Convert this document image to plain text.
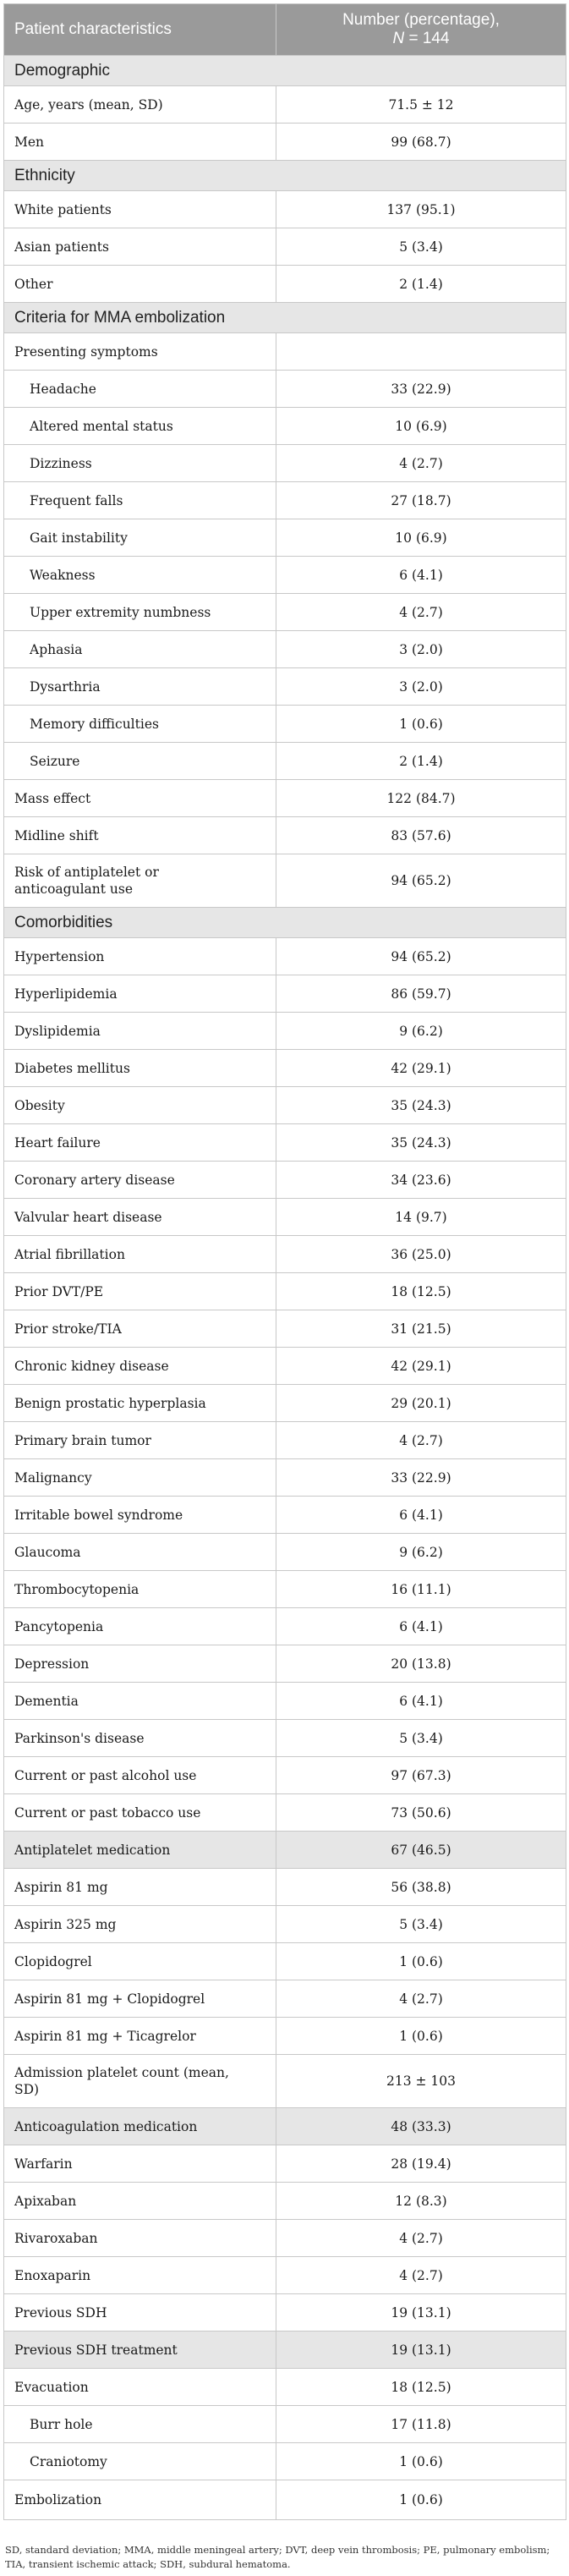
Patient characteristics	Number (percentage),
N = 144
Demographic	
Age, years (mean, SD)	71.5 ± 12
Men	99 (68.7)
Ethnicity	
White patients	137 (95.1)
Asian patients	5 (3.4)
Other	2 (1.4)
Criteria for MMA embolization	
Presenting symptoms	
Headache	33 (22.9)
Altered mental status	10 (6.9)
Dizziness	4 (2.7)
Frequent falls	27 (18.7)
Gait instability	10 (6.9)
Weakness	6 (4.1)
Upper extremity numbness	4 (2.7)
Aphasia	3 (2.0)
Dysarthria	3 (2.0)
Memory difficulties	1 (0.6)
Seizure	2 (1.4)
Mass effect	122 (84.7)
Midline shift	83 (57.6)
Risk of antiplatelet or
anticoagulant use	94 (65.2)
Comorbidities	
Hypertension	94 (65.2)
Hyperlipidemia	86 (59.7)
Dyslipidemia	9 (6.2)
Diabetes mellitus	42 (29.1)
Obesity	35 (24.3)
Heart failure	35 (24.3)
Coronary artery disease	34 (23.6)
Valvular heart disease	14 (9.7)
Atrial fibrillation	36 (25.0)
Prior DVT/PE	18 (12.5)
Prior stroke/TIA	31 (21.5)
Chronic kidney disease	42 (29.1)
Benign prostatic hyperplasia	29 (20.1)
Primary brain tumor	4 (2.7)
Malignancy	33 (22.9)
Irritable bowel syndrome	6 (4.1)
Glaucoma	9 (6.2)
Thrombocytopenia	16 (11.1)
Pancytopenia	6 (4.1)
Depression	20 (13.8)
Dementia	6 (4.1)
Parkinson's disease	5 (3.4)
Current or past alcohol use	97 (67.3)
Current or past tobacco use	73 (50.6)
Antiplatelet medication	67 (46.5)
Aspirin 81 mg	56 (38.8)
Aspirin 325 mg	5 (3.4)
Clopidogrel	1 (0.6)
Aspirin 81 mg + Clopidogrel	4 (2.7)
Aspirin 81 mg + Ticagrelor	1 (0.6)
Admission platelet count (mean,
SD)	213 ± 103
Anticoagulation medication	48 (33.3)
Warfarin	28 (19.4)
Apixaban	12 (8.3)
Rivaroxaban	4 (2.7)
Enoxaparin	4 (2.7)
Previous SDH	19 (13.1)
Previous SDH treatment	19 (13.1)
Evacuation	18 (12.5)
Burr hole	17 (11.8)
Craniotomy	1 (0.6)
Embolization	1 (0.6)
SD, standard deviation; MMA, middle meningeal artery; DVT, deep vein thrombosis; PE, pulmonary embolism; TIA, transient ischemic attack; SDH, subdural hematoma.
